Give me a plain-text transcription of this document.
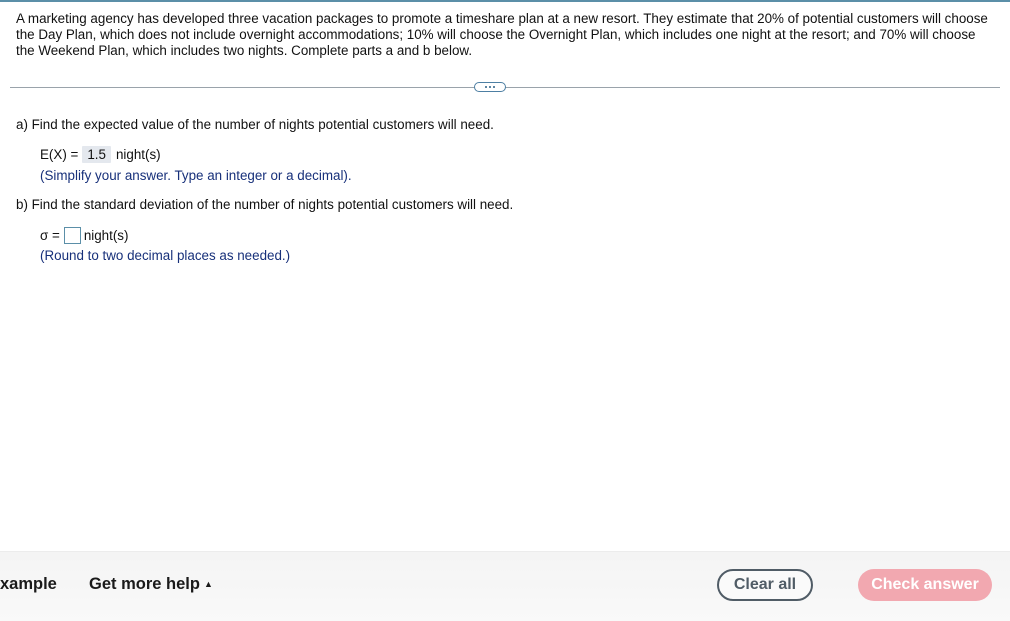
A marketing agency has developed three vacation packages to promote a timeshare plan at a new resort. They estimate that 20% of potential customers will choose the Day Plan, which does not include overnight accommodations; 10% will choose the Overnight Plan, which includes one night at the resort; and 70% will choose the Weekend Plan, which includes two nights. Complete parts a and b below.
a) Find the expected value of the number of nights potential customers will need.
E(X) = 1.5 night(s)
(Simplify your answer. Type an integer or a decimal).
b) Find the standard deviation of the number of nights potential customers will need.
σ = night(s)
(Round to two decimal places as needed.)
xample Get more help ▲	Clear all	Check answer
